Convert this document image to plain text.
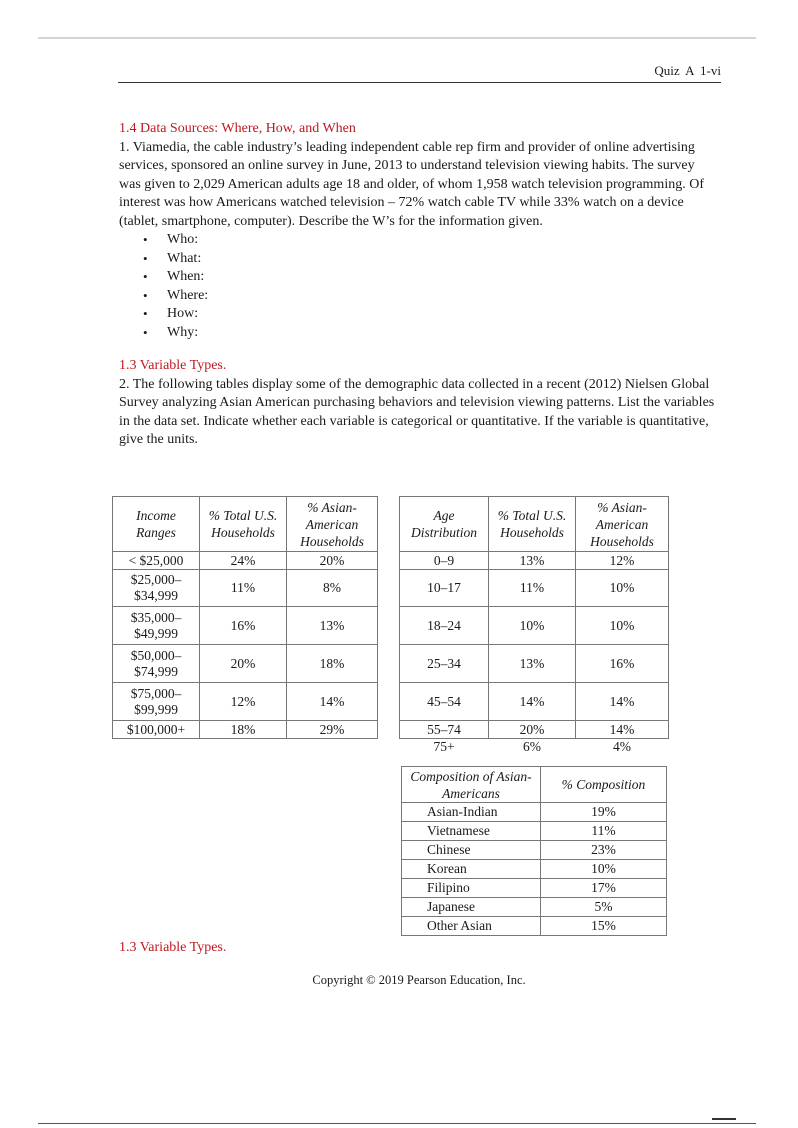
Quiz A 1-vi
1.4 Data Sources: Where, How, and When

1. Viamedia, the cable industry’s leading independent cable rep firm and provider of online advertising services, sponsored an online survey in June, 2013 to understand television viewing habits. The survey was given to 2,029 American adults age 18 and older, of whom 1,958 watch television programming. Of interest was how Americans watched television – 72% watch cable TV while 33% watch on a device (tablet, smartphone, computer). Describe the W’s for the information given.

• Who:
• What:
• When:
• Where:
• How:
• Why:
1.3 Variable Types.

2. The following tables display some of the demographic data collected in a recent (2012) Nielsen Global Survey analyzing Asian American purchasing behaviors and television viewing patterns. List the variables in the data set. Indicate whether each variable is categorical or quantitative. If the variable is quantitative, give the units.

Income Ranges	% Total U.S. Households	% Asian-American Households
< $25,000	24%	20%
$25,000– $34,999	11%	8%
$35,000– $49,999	16%	13%
$50,000– $74,999	20%	18%
$75,000– $99,999	12%	14%
$100,000+	18%	29%
Age Distribution	% Total U.S. Households	% Asian-American Households
0–9	13%	12%
10–17	11%	10%
18–24	10%	10%
25–34	13%	16%
45–54	14%	14%
55–74	20%	14%
75+	6%	4%
Composition of Asian-Americans	% Composition
Asian-Indian	19%
Vietnamese	11%
Chinese	23%
Korean	10%
Filipino	17%
Japanese	5%
Other Asian	15%
1.3 Variable Types.
Copyright © 2019 Pearson Education, Inc.
